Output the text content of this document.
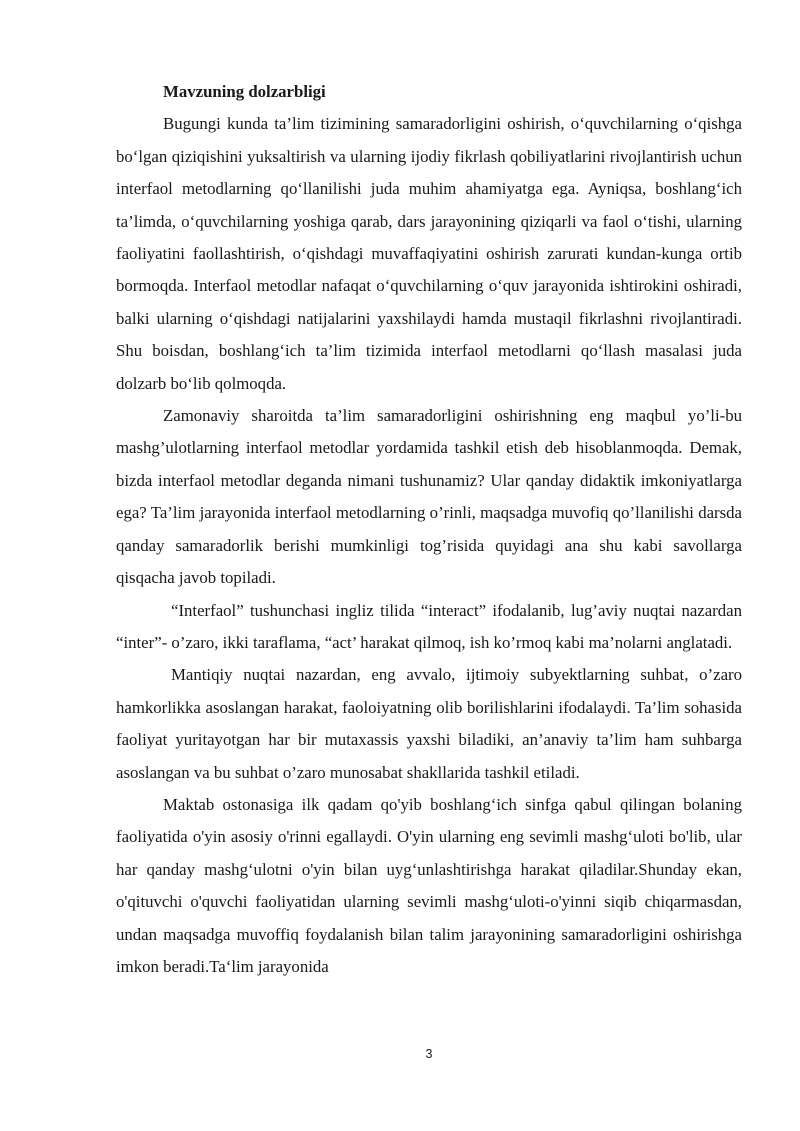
Mavzuning dolzarbligi

Bugungi kunda ta’lim tizimining samaradorligini oshirish, o‘quvchilarning o‘qishga bo‘lgan qiziqishini yuksaltirish va ularning ijodiy fikrlash qobiliyatlarini rivojlantirish uchun interfaol metodlarning qo‘llanilishi juda muhim ahamiyatga ega. Ayniqsa, boshlang‘ich ta’limda, o‘quvchilarning yoshiga qarab, dars jarayonining qiziqarli va faol o‘tishi, ularning faoliyatini faollashtirish, o‘qishdagi muvaffaqiyatini oshirish zarurati kundan-kunga ortib bormoqda. Interfaol metodlar nafaqat o‘quvchilarning o‘quv jarayonida ishtirokini oshiradi, balki ularning o‘qishdagi natijalarini yaxshilaydi hamda mustaqil fikrlashni rivojlantiradi. Shu boisdan, boshlang‘ich ta’lim tizimida interfaol metodlarni qo‘llash masalasi juda dolzarb bo‘lib qolmoqda.

Zamonaviy sharoitda ta’lim samaradorligini oshirishning eng maqbul yo’li-bu mashg’ulotlarning interfaol metodlar yordamida tashkil etish deb hisoblanmoqda. Demak, bizda interfaol metodlar deganda nimani tushunamiz? Ular qanday didaktik imkoniyatlarga ega? Ta’lim jarayonida interfaol metodlarning o’rinli, maqsadga muvofiq qo’llanilishi darsda qanday samaradorlik berishi mumkinligi tog’risida quyidagi ana shu kabi savollarga qisqacha javob topiladi.

“Interfaol” tushunchasi ingliz tilida “interact” ifodalanib, lug’aviy nuqtai nazardan “inter”- o’zaro, ikki taraflama, “act’ harakat qilmoq, ish ko’rmoq kabi ma’nolarni anglatadi.

Mantiqiy nuqtai nazardan, eng avvalo, ijtimoiy subyektlarning suhbat, o’zaro hamkorlikka asoslangan harakat, faoloiyatning olib borilishlarini ifodalaydi. Ta’lim sohasida faoliyat yuritayotgan har bir mutaxassis yaxshi biladiki, an’anaviy ta’lim ham suhbarga asoslangan va bu suhbat o’zaro munosabat shakllarida tashkil etiladi.

Maktab ostonasiga ilk qadam qo'yib boshlang‘ich sinfga qabul qilingan bolaning faoliyatida o'yin asosiy o'rinni egallaydi. O'yin ularning eng sevimli mashg‘uloti bo'lib, ular har qanday mashg‘ulotni o'yin bilan uyg‘unlashtirishga harakat qiladilar.Shunday ekan, o'qituvchi o'quvchi faoliyatidan ularning sevimli mashg‘uloti-o'yinni siqib chiqarmasdan, undan maqsadga muvoffiq foydalanish bilan talim jarayonining samaradorligini oshirishga imkon beradi.Ta‘lim jarayonida

3
